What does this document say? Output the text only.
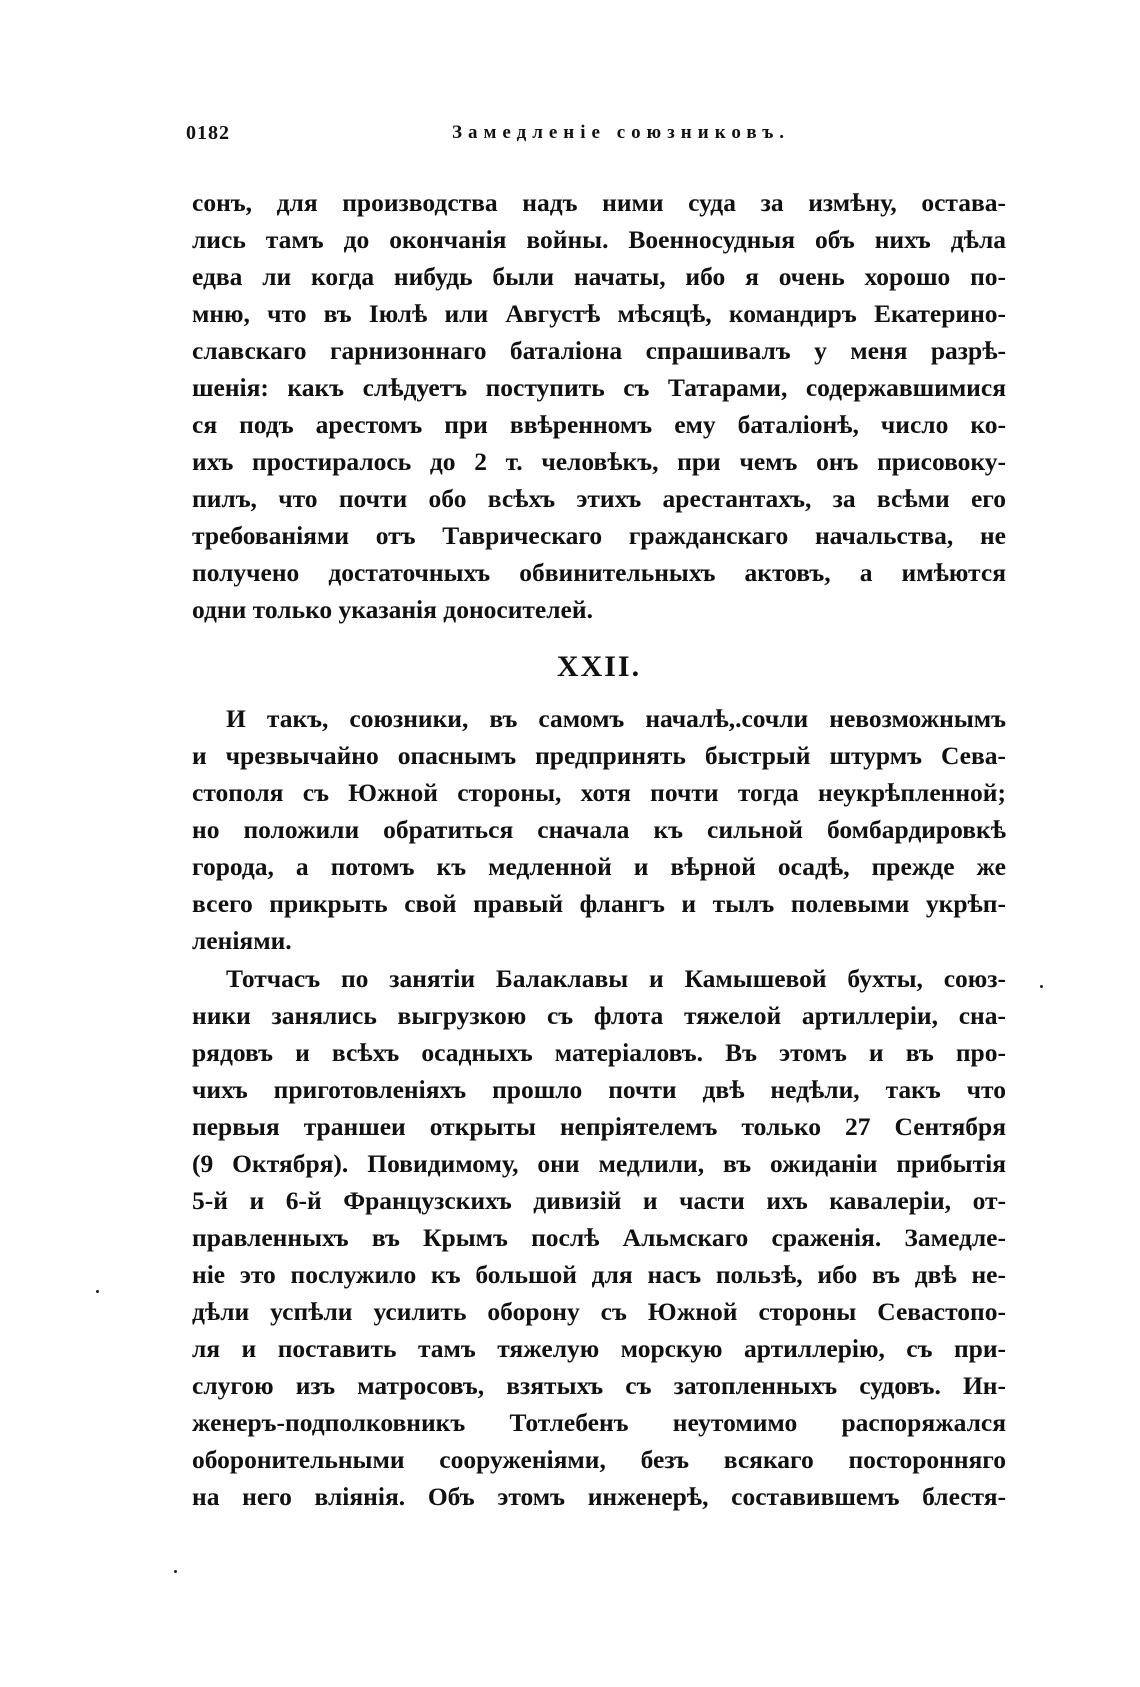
0182	Замедленіе союзниковъ.
сонъ, для производства надъ ними суда за измѣну, остава-
лись тамъ до окончанія войны. Военносудныя объ нихъ дѣла
едва ли когда нибудь были начаты, ибо я очень хорошо по-
мню, что въ Іюлѣ или Августѣ мѣсяцѣ, командиръ Екатерино-
славскаго гарнизоннаго баталіона спрашивалъ у меня разрѣ-
шенія: какъ слѣдуетъ поступить съ Татарами, содержавшимися
ся подъ арестомъ при ввѣренномъ ему баталіонѣ, число ко-
ихъ простиралось до 2 т. человѣкъ, при чемъ онъ присовоку-
пилъ, что почти обо всѣхъ этихъ арестантахъ, за всѣми его
требованіями отъ Таврическаго гражданскаго начальства, не
получено достаточныхъ обвинительныхъ актовъ, а имѣются
одни только указанія доносителей.
XXII.
И такъ, союзники, въ самомъ началѣ,.сочли невозможнымъ
и чрезвычайно опаснымъ предпринять быстрый штурмъ Сева-
стополя съ Южной стороны, хотя почти тогда неукрѣпленной;
но положили обратиться сначала къ сильной бомбардировкѣ
города, а потомъ къ медленной и вѣрной осадѣ, прежде же
всего прикрыть свой правый флангъ и тылъ полевыми укрѣп-
леніями.
Тотчасъ по занятіи Балаклавы и Камышевой бухты, союз-
ники занялись выгрузкою съ флота тяжелой артиллеріи, сна-
рядовъ и всѣхъ осадныхъ матеріаловъ. Въ этомъ и въ про-
чихъ приготовленіяхъ прошло почти двѣ недѣли, такъ что
первыя траншеи открыты непріятелемъ только 27 Сентября
(9 Октября). Повидимому, они медлили, въ ожиданіи прибытія
5-й и 6-й Французскихъ дивизій и части ихъ кавалеріи, от-
правленныхъ въ Крымъ послѣ Альмскаго сраженія. Замедле-
ніе это послужило къ большой для насъ пользѣ, ибо въ двѣ не-
дѣли успѣли усилить оборону съ Южной стороны Севастопо-
ля и поставить тамъ тяжелую морскую артиллерію, съ при-
слугою изъ матросовъ, взятыхъ съ затопленныхъ судовъ. Ин-
женеръ-подполковникъ Тотлебенъ неутомимо распоряжался
оборонительными сооруженіями, безъ всякаго посторонняго
на него вліянія. Объ этомъ инженерѣ, составившемъ блестя-
